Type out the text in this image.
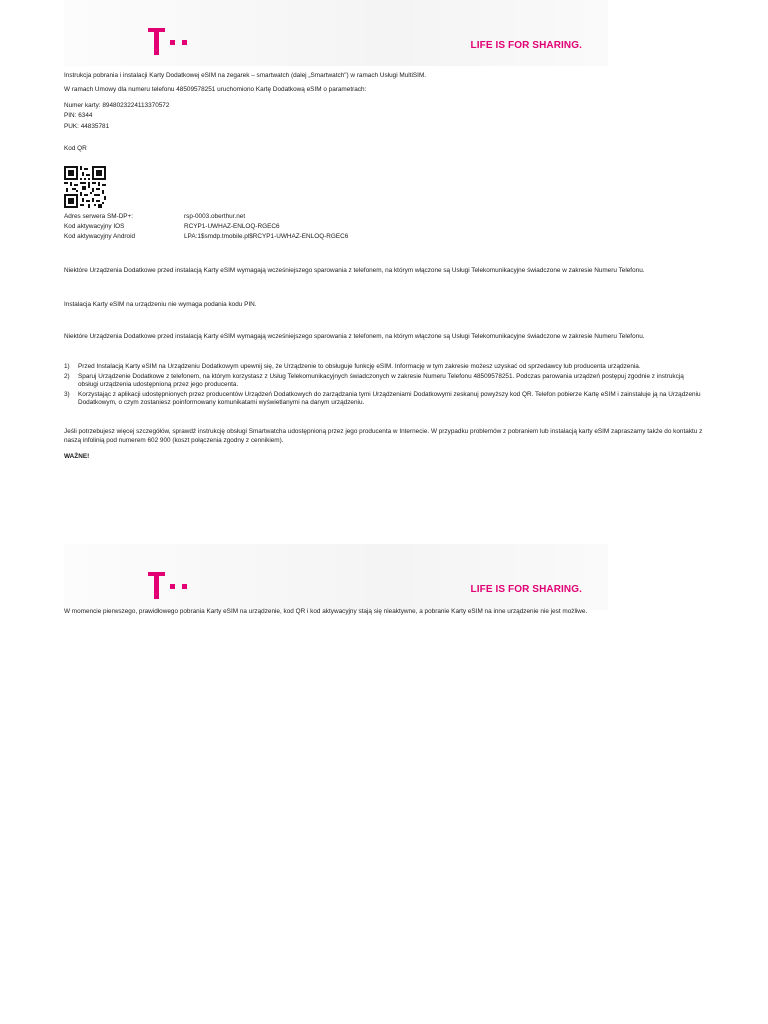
LIFE IS FOR SHARING.
Instrukcja pobrania i instalacji Karty Dodatkowej eSIM na zegarek – smartwatch (dalej „Smartwatch") w ramach Usługi MultiSIM.
W ramach Umowy dla numeru telefonu 48509578251 uruchomiono Kartę Dodatkową eSIM o parametrach:
Numer karty: 8948023224113370572
PIN: 6344
PUK: 44835781
Kod QR
Adres serwera SM-DP+:	rsp-0003.oberthur.net
Kod aktywacyjny IOS	RCYP1-UWHAZ-ENLOQ-RGEC6
Kod aktywacyjny Android	LPA:1$smdp.tmobile.pl$RCYP1-UWHAZ-ENLOQ-RGEC6
Niektóre Urządzenia Dodatkowe przed instalacją Karty eSIM wymagają wcześniejszego sparowania z telefonem, na którym włączone są Usługi Telekomunikacyjne świadczone w zakresie Numeru Telefonu.
Instalacja Karty eSIM na urządzeniu nie wymaga podania kodu PIN.
Niektóre Urządzenia Dodatkowe przed instalacją Karty eSIM wymagają wcześniejszego sparowania z telefonem, na którym włączone są Usługi Telekomunikacyjne świadczone w zakresie Numeru Telefonu.
1) Przed Instalacją Karty eSIM na Urządzeniu Dodatkowym upewnij się, że Urządzenie to obsługuje funkcję eSIM. Informację w tym zakresie możesz uzyskać od sprzedawcy lub producenta urządzenia.
2) Sparuj Urządzenie Dodatkowe z telefonem, na którym korzystasz z Usług Telekomunikacyjnych świadczonych w zakresie Numeru Telefonu 48509578251. Podczas parowania urządzeń postępuj zgodnie z instrukcją obsługi urządzenia udostępnioną przez jego producenta.
3) Korzystając z aplikacji udostępnionych przez producentów Urządzeń Dodatkowych do zarządzania tymi Urządzeniami Dodatkowymi zeskanuj powyższy kod QR. Telefon pobierze Kartę eSIM i zainstaluje ją na Urządzeniu Dodatkowym, o czym zostaniesz poinformowany komunikatami wyświetlanymi na danym urządzeniu.
Jeśli potrzebujesz więcej szczegółów, sprawdź instrukcję obsługi Smartwatcha udostępnioną przez jego producenta w Internecie. W przypadku problemów z pobraniem lub instalacją karty eSIM zapraszamy także do kontaktu z naszą infolinią pod numerem 602 900 (koszt połączenia zgodny z cennikiem).
WAŻNE!
LIFE IS FOR SHARING.
W momencie pierwszego, prawidłowego pobrania Karty eSIM na urządzenie, kod QR i kod aktywacyjny stają się nieaktywne, a pobranie Karty eSIM na inne urządzenie nie jest możliwe.
